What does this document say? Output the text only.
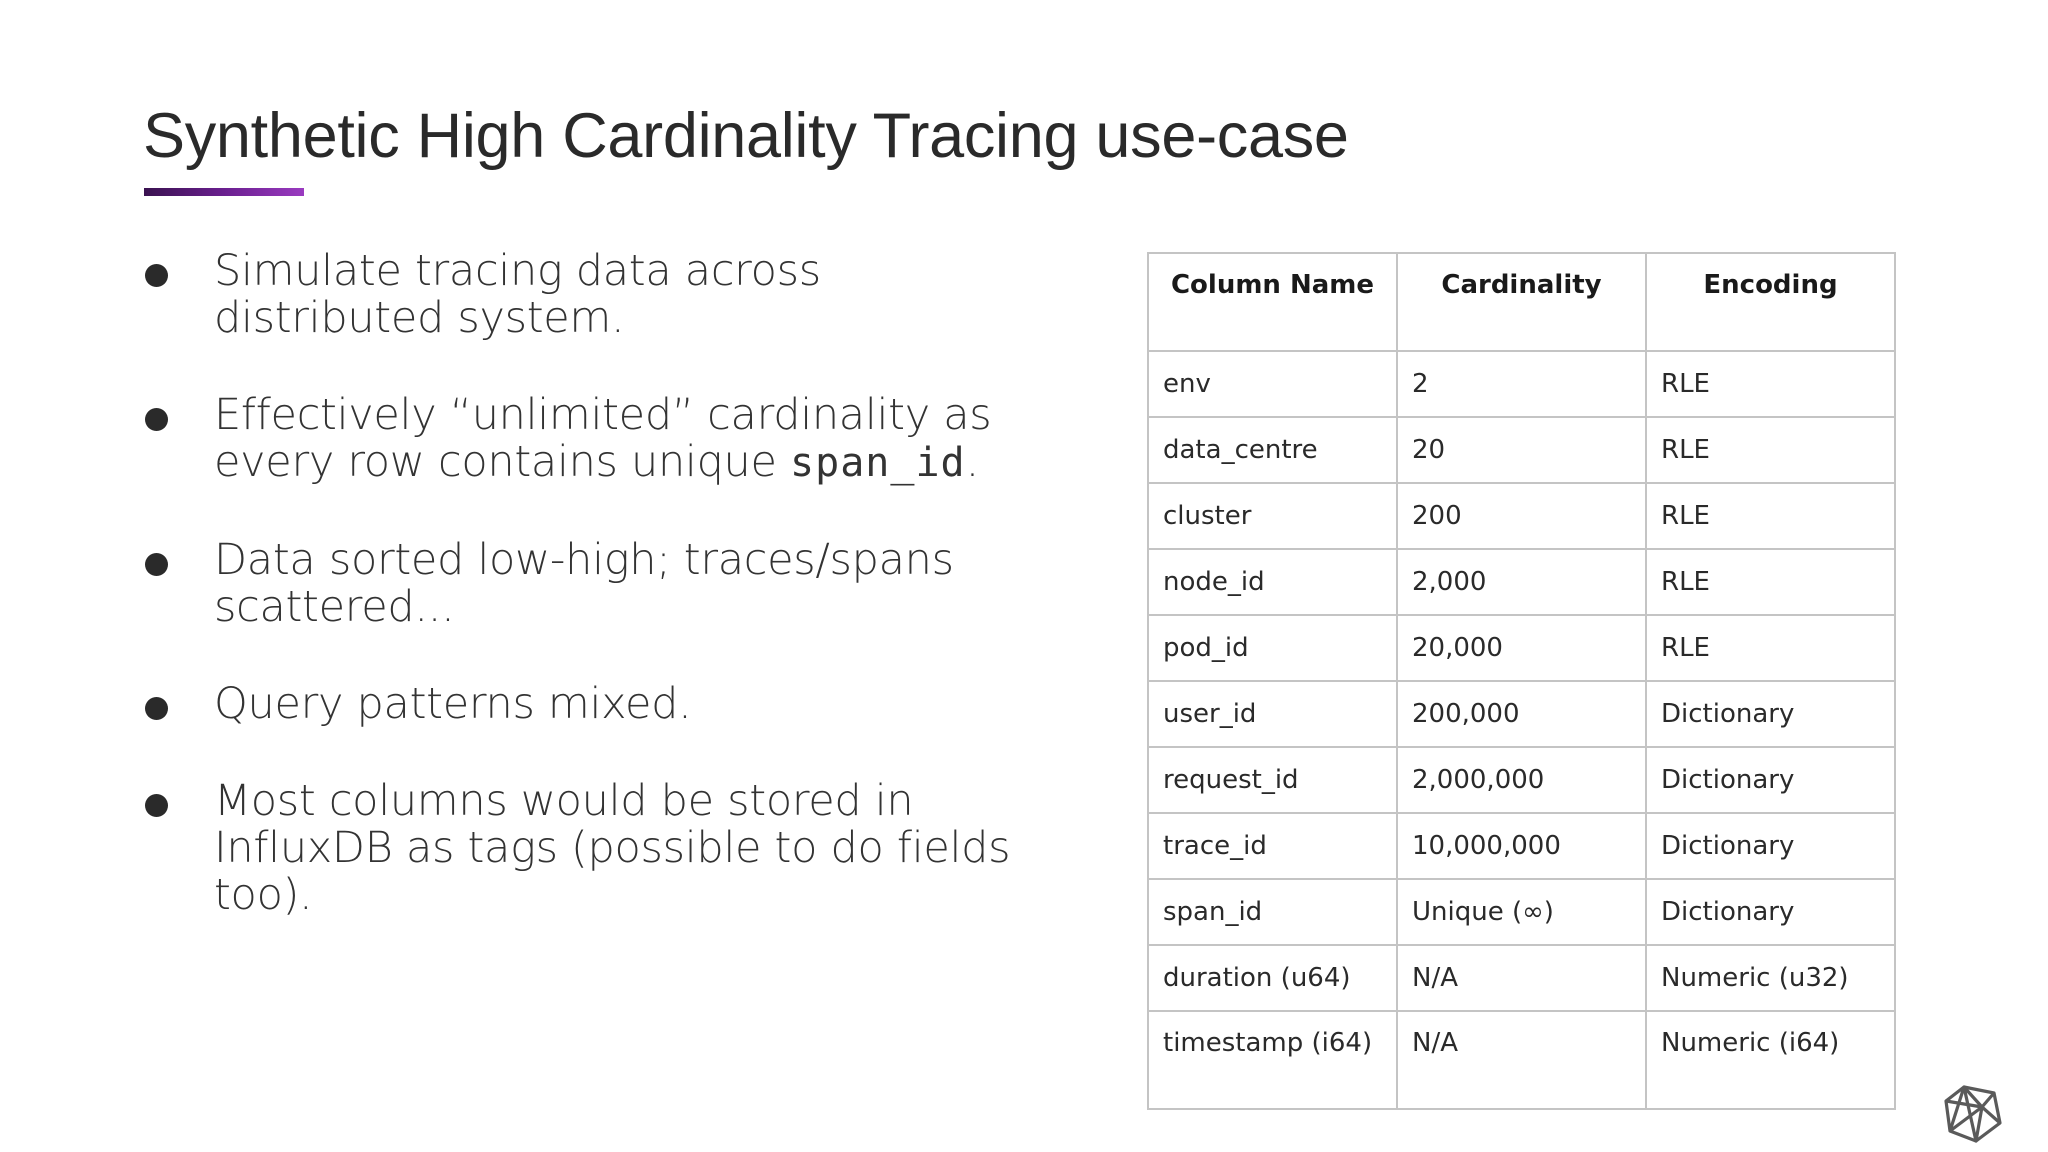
Synthetic High Cardinality Tracing use-case
Simulate tracing data across distributed system.
Effectively “unlimited” cardinality as every row contains unique span_id.
Data sorted low-high; traces/spans scattered...
Query patterns mixed.
Most columns would be stored in InfluxDB as tags (possible to do fields too).
Column Name	Cardinality	Encoding
env	2	RLE
data_centre	20	RLE
cluster	200	RLE
node_id	2,000	RLE
pod_id	20,000	RLE
user_id	200,000	Dictionary
request_id	2,000,000	Dictionary
trace_id	10,000,000	Dictionary
span_id	Unique (∞)	Dictionary
duration (u64)	N/A	Numeric (u32)
timestamp (i64)	N/A	Numeric (i64)
